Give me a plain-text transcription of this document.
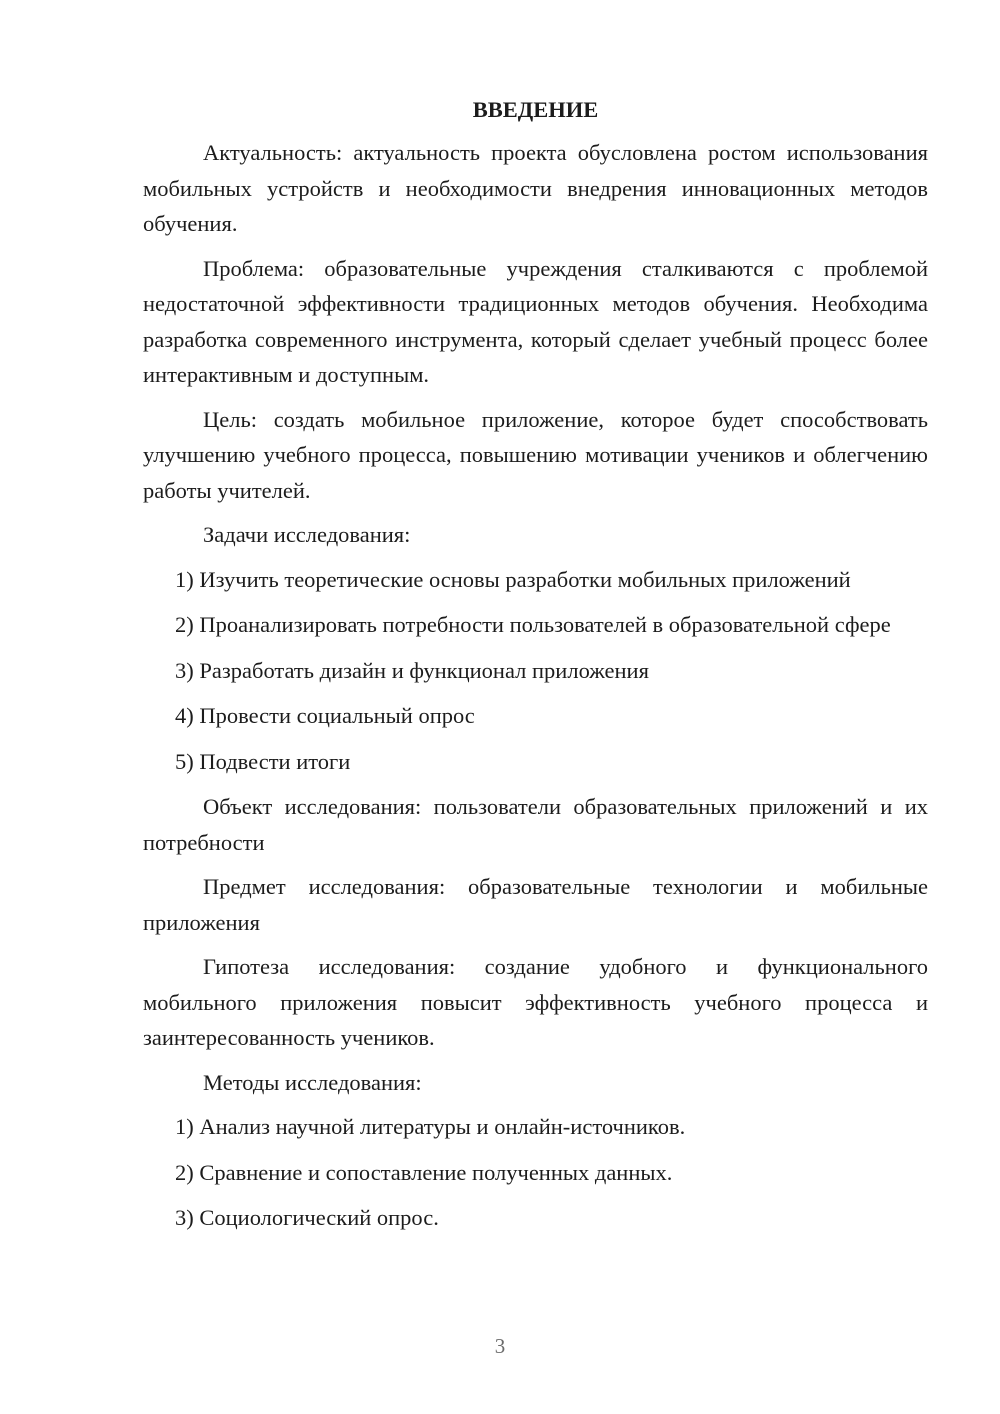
ВВЕДЕНИЕ

Актуальность: актуальность проекта обусловлена ростом использования мобильных устройств и необходимости внедрения инновационных методов обучения.

Проблема: образовательные учреждения сталкиваются с проблемой недостаточной эффективности традиционных методов обучения. Необходима разработка современного инструмента, который сделает учебный процесс более интерактивным и доступным.

Цель: создать мобильное приложение, которое будет способствовать улучшению учебного процесса, повышению мотивации учеников и облегчению работы учителей.

Задачи исследования:

1) Изучить теоретические основы разработки мобильных приложений

2) Проанализировать потребности пользователей в образовательной сфере

3) Разработать дизайн и функционал приложения

4) Провести социальный опрос

5) Подвести итоги

Объект исследования: пользователи образовательных приложений и их потребности

Предмет исследования: образовательные технологии и мобильные приложения

Гипотеза исследования: создание удобного и функционального мобильного приложения повысит эффективность учебного процесса и заинтересованность учеников.

Методы исследования:

1) Анализ научной литературы и онлайн-источников.

2) Сравнение и сопоставление полученных данных.

3) Социологический опрос.

3
